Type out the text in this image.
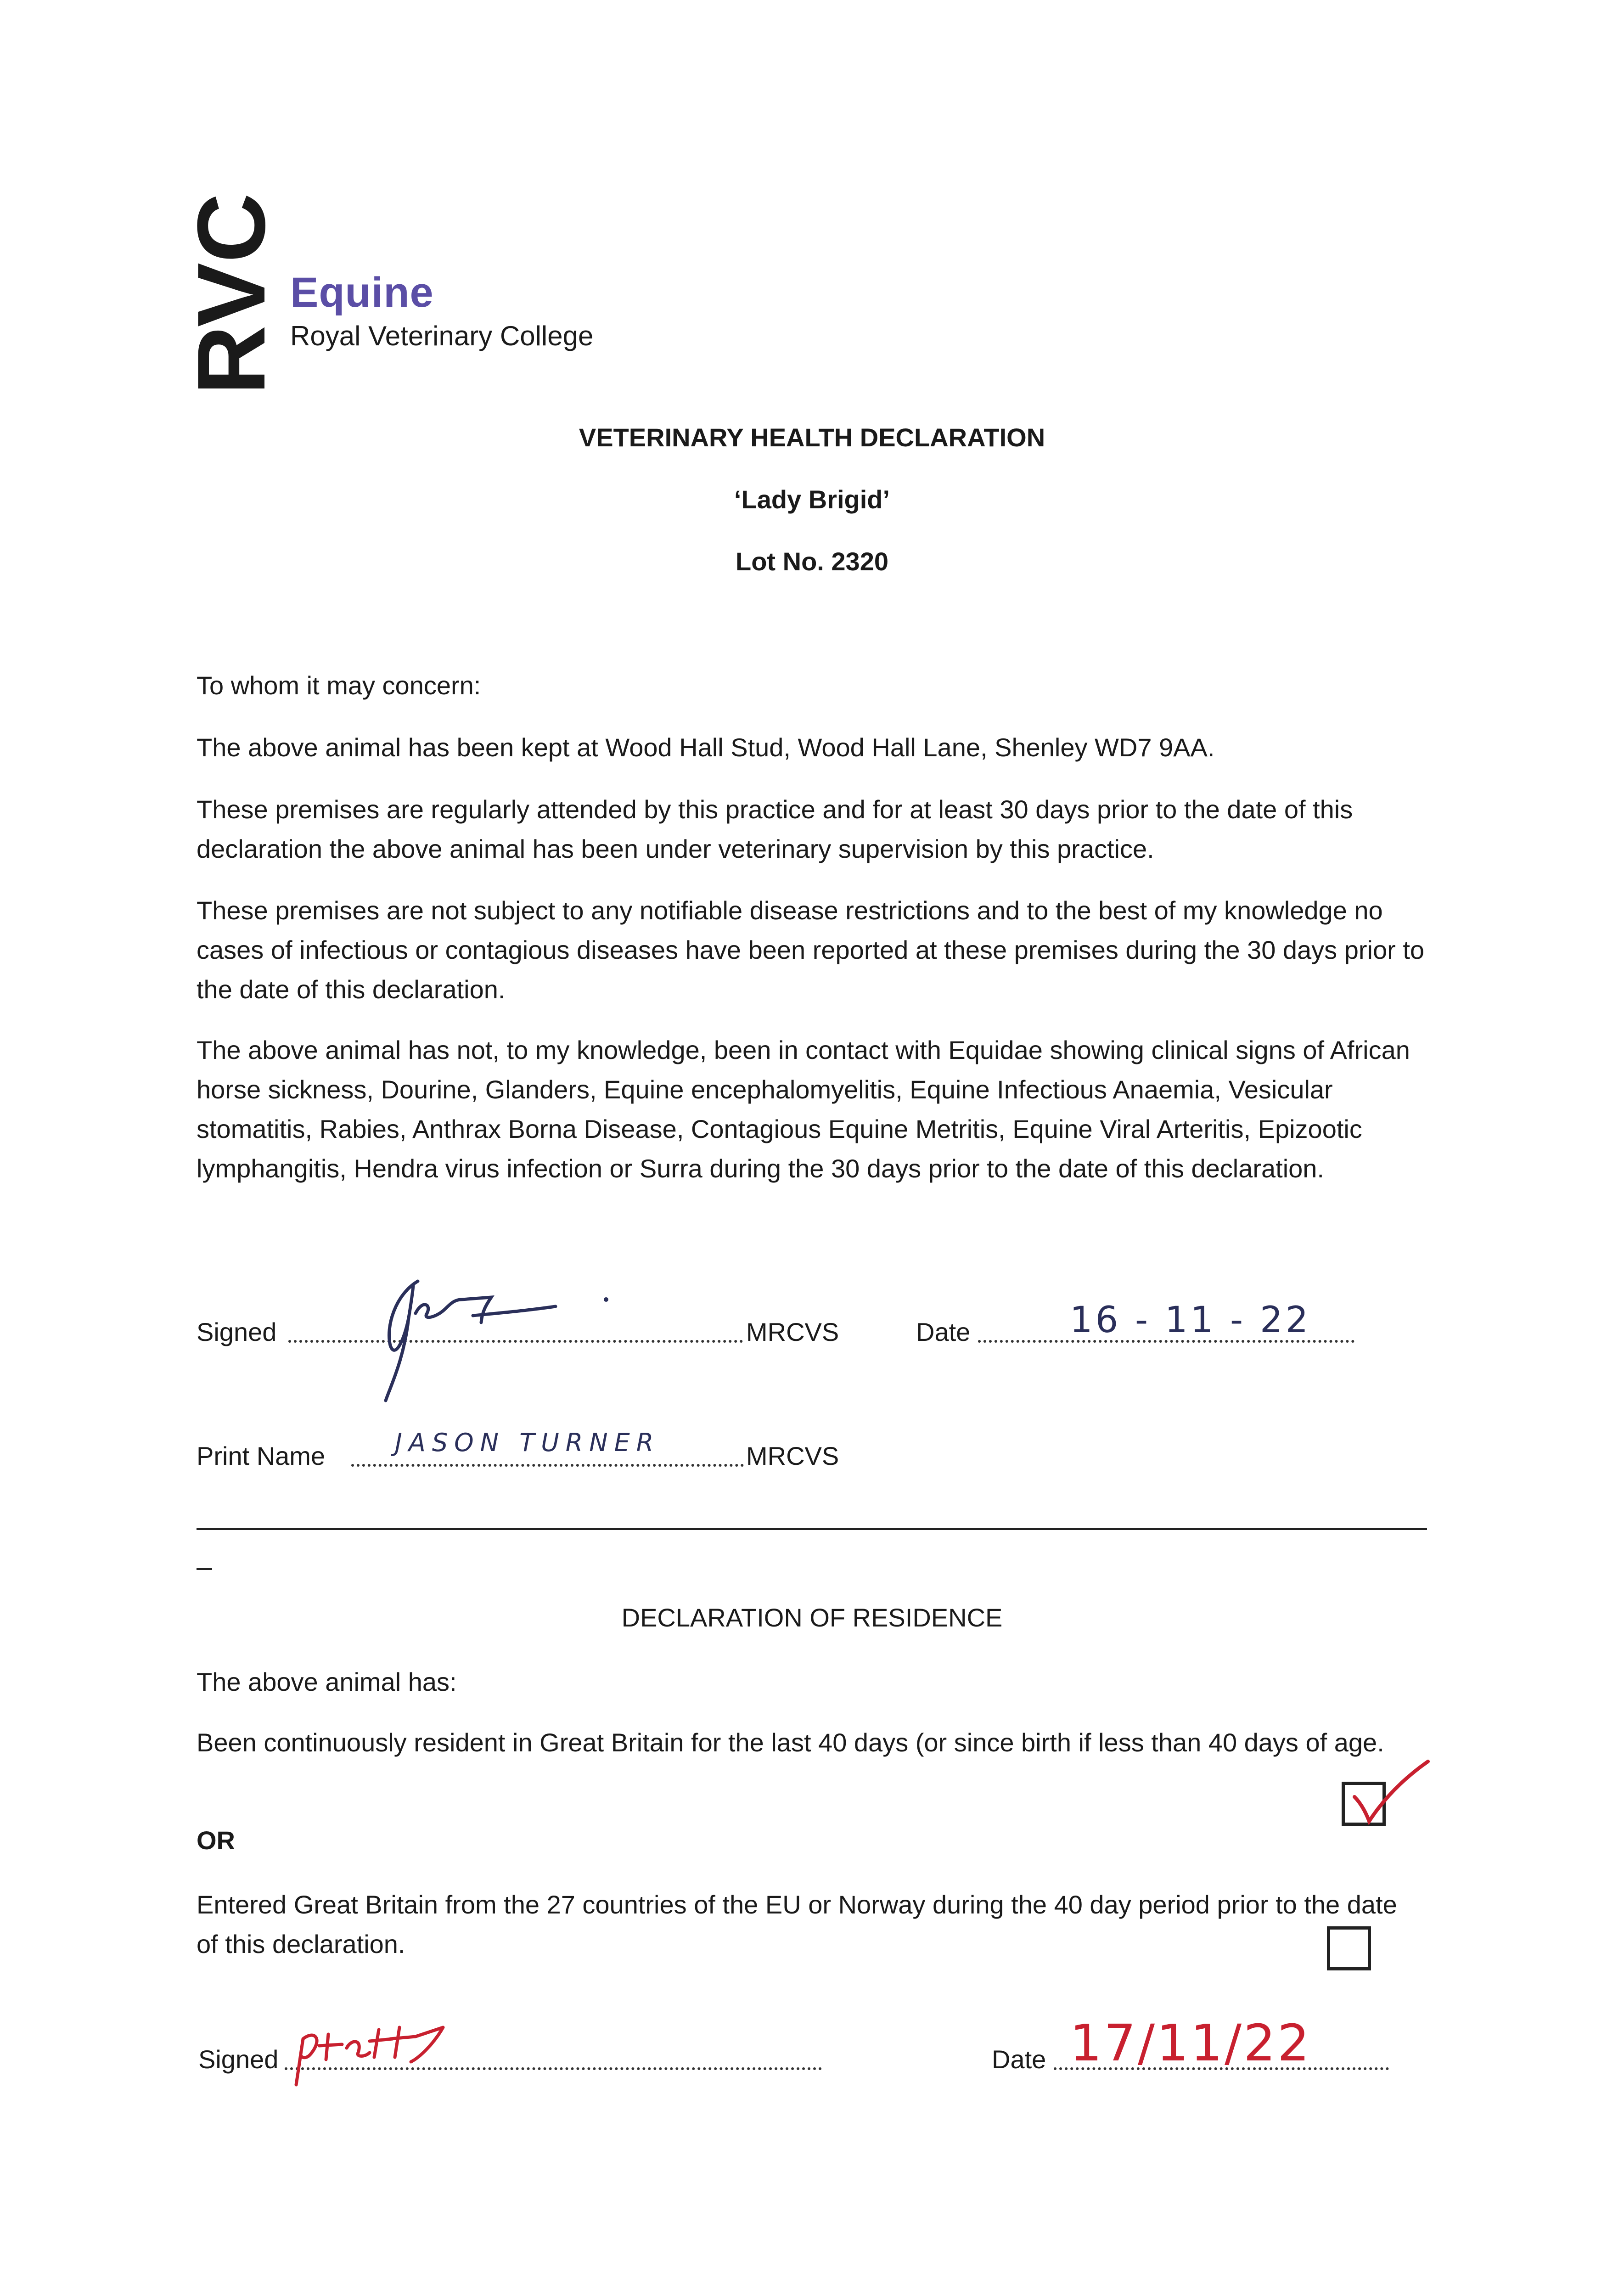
RVC Equine
Royal Veterinary College
VETERINARY HEALTH DECLARATION
‘Lady Brigid’
Lot No. 2320
To whom it may concern:
The above animal has been kept at Wood Hall Stud, Wood Hall Lane, Shenley WD7 9AA.
These premises are regularly attended by this practice and for at least 30 days prior to the date of this declaration the above animal has been under veterinary supervision by this practice.
These premises are not subject to any notifiable disease restrictions and to the best of my knowledge no cases of infectious or contagious diseases have been reported at these premises during the 30 days prior to the date of this declaration.
The above animal has not, to my knowledge, been in contact with Equidae showing clinical signs of African horse sickness, Dourine, Glanders, Equine encephalomyelitis, Equine Infectious Anaemia, Vesicular stomatitis, Rabies, Anthrax Borna Disease, Contagious Equine Metritis, Equine Viral Arteritis, Epizootic lymphangitis, Hendra virus infection or Surra during the 30 days prior to the date of this declaration.
Signed	MRCVS	Date	16 - 11 - 22
Print Name	JASON TURNER	MRCVS
DECLARATION OF RESIDENCE
The above animal has:
Been continuously resident in Great Britain for the last 40 days (or since birth if less than 40 days of age.
OR
Entered Great Britain from the 27 countries of the EU or Norway during the 40 day period prior to the date of this declaration.
Signed	Date 17/11/22
